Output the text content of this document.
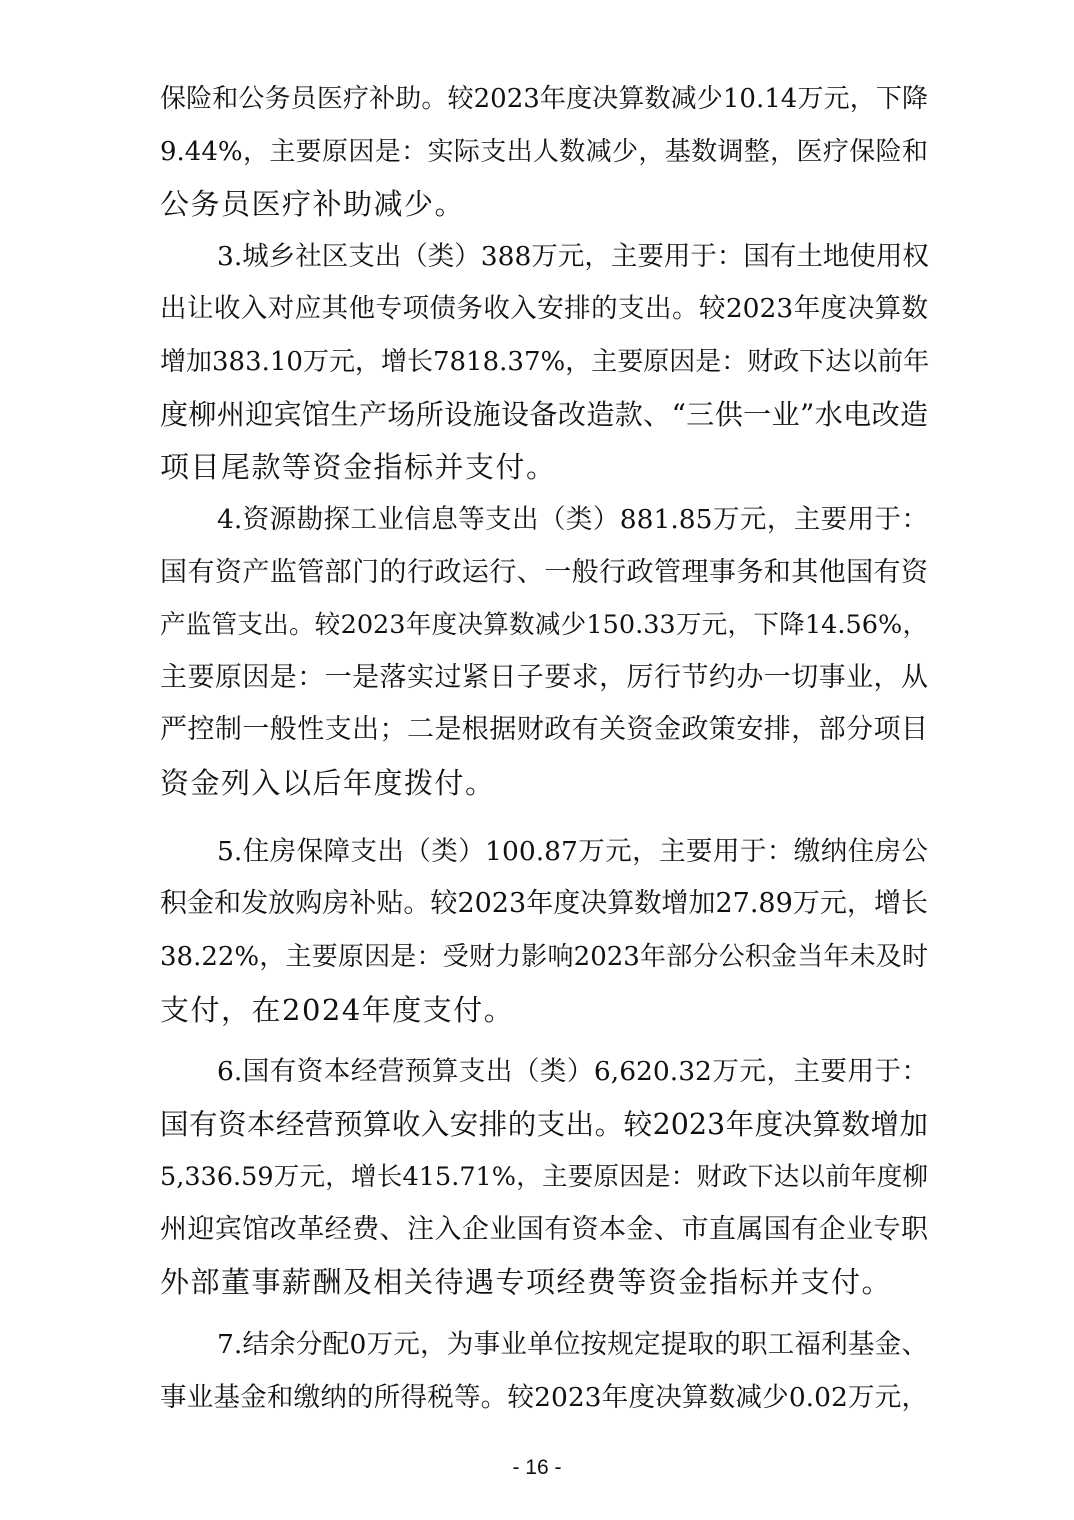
保险和公务员医疗补助。较2023年度决算数减少10.14万元，下降
9.44%，主要原因是：实际支出人数减少，基数调整，医疗保险和
公务员医疗补助减少。
3.城乡社区支出（类）388万元，主要用于：国有土地使用权
出让收入对应其他专项债务收入安排的支出。较2023年度决算数
增加383.10万元，增长7818.37%，主要原因是：财政下达以前年
度柳州迎宾馆生产场所设施设备改造款、“三供一业”水电改造
项目尾款等资金指标并支付。
4.资源勘探工业信息等支出（类）881.85万元，主要用于：
国有资产监管部门的行政运行、一般行政管理事务和其他国有资
产监管支出。较2023年度决算数减少150.33万元，下降14.56%，
主要原因是：一是落实过紧日子要求，厉行节约办一切事业，从
严控制一般性支出；二是根据财政有关资金政策安排，部分项目
资金列入以后年度拨付。
5.住房保障支出（类）100.87万元，主要用于：缴纳住房公
积金和发放购房补贴。较2023年度决算数增加27.89万元，增长
38.22%，主要原因是：受财力影响2023年部分公积金当年未及时
支付，在2024年度支付。
6.国有资本经营预算支出（类）6,620.32万元，主要用于：
国有资本经营预算收入安排的支出。较2023年度决算数增加
5,336.59万元，增长415.71%，主要原因是：财政下达以前年度柳
州迎宾馆改革经费、注入企业国有资本金、市直属国有企业专职
外部董事薪酬及相关待遇专项经费等资金指标并支付。
7.结余分配0万元，为事业单位按规定提取的职工福利基金、
事业基金和缴纳的所得税等。较2023年度决算数减少0.02万元，
- 16 -
